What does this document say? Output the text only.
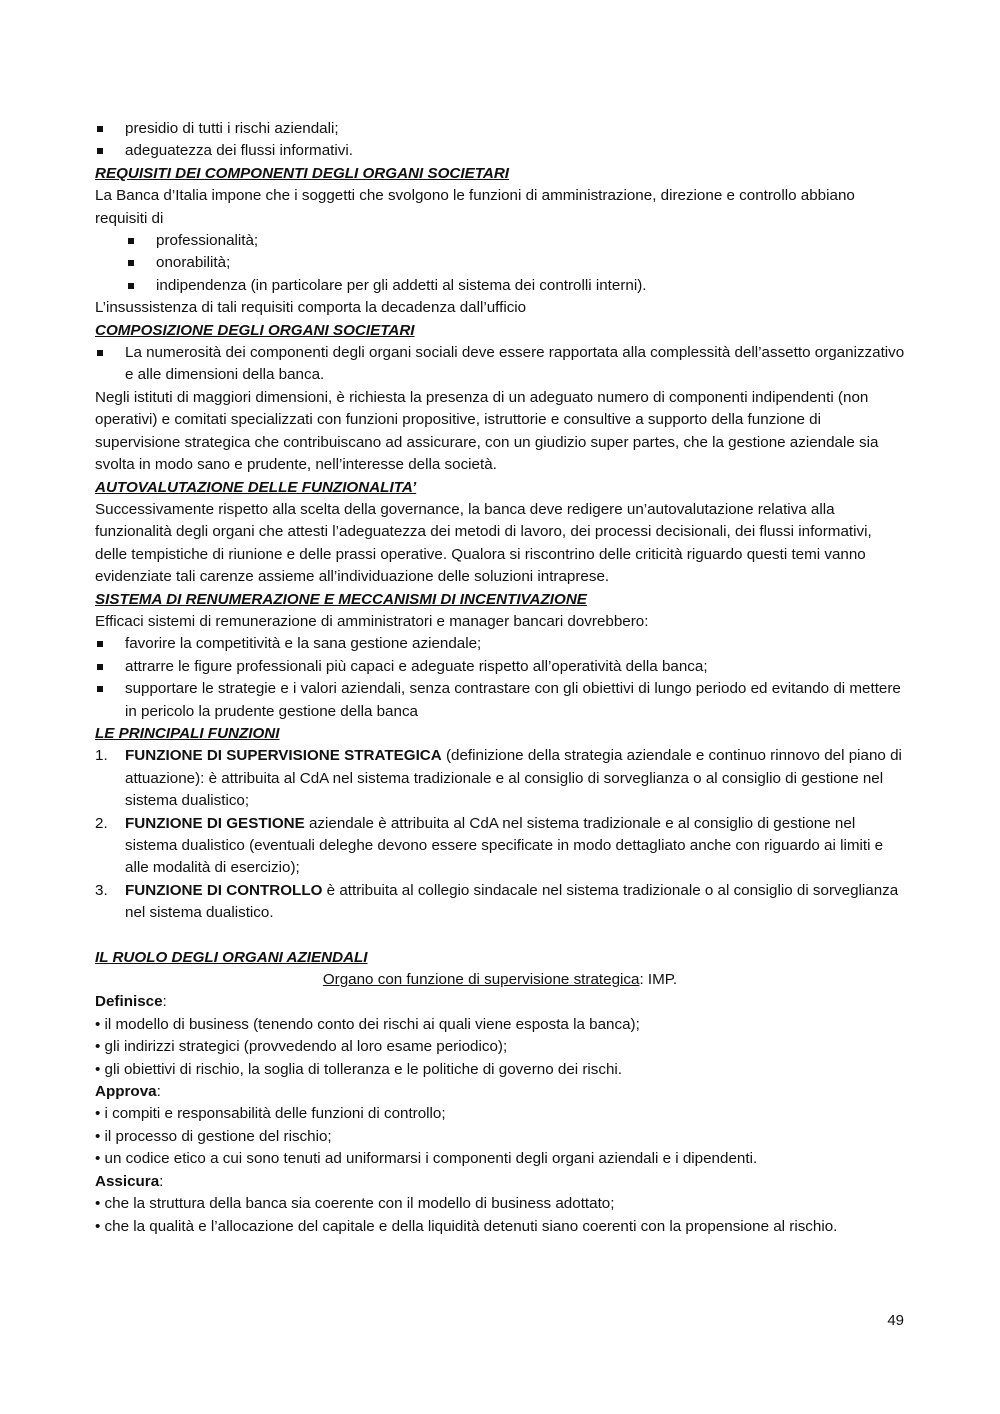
presidio di tutti i rischi aziendali;
adeguatezza dei flussi informativi.
REQUISITI DEI COMPONENTI DEGLI ORGANI SOCIETARI
La Banca d’Italia impone che i soggetti che svolgono le funzioni di amministrazione, direzione e controllo abbiano requisiti di
professionalità;
onorabilità;
indipendenza (in particolare per gli addetti al sistema dei controlli interni).
L’insussistenza di tali requisiti comporta la decadenza dall’ufficio
COMPOSIZIONE DEGLI ORGANI SOCIETARI
La numerosità dei componenti degli organi sociali deve essere rapportata alla complessità dell’assetto organizzativo e alle dimensioni della banca.
Negli istituti di maggiori dimensioni, è richiesta la presenza di un adeguato numero di componenti indipendenti (non operativi) e comitati specializzati con funzioni propositive, istruttorie e consultive a supporto della funzione di supervisione strategica che contribuiscano ad assicurare, con un giudizio super partes, che la gestione aziendale sia svolta in modo sano e prudente, nell’interesse della società.
AUTOVALUTAZIONE DELLE FUNZIONALITA’
Successivamente rispetto alla scelta della governance, la banca deve redigere un’autovalutazione relativa alla funzionalità degli organi che attesti l’adeguatezza dei metodi di lavoro, dei processi decisionali, dei flussi informativi, delle tempistiche di riunione e delle prassi operative. Qualora si riscontrino delle criticità riguardo questi temi vanno evidenziate tali carenze assieme all’individuazione delle soluzioni intraprese.
SISTEMA DI RENUMERAZIONE E MECCANISMI DI INCENTIVAZIONE
Efficaci sistemi di remunerazione di amministratori e manager bancari dovrebbero:
favorire la competitività e la sana gestione aziendale;
attrarre le figure professionali più capaci e adeguate rispetto all’operatività della banca;
supportare le strategie e i valori aziendali, senza contrastare con gli obiettivi di lungo periodo ed evitando di mettere in pericolo la prudente gestione della banca
LE PRINCIPALI FUNZIONI
1. FUNZIONE DI SUPERVISIONE STRATEGICA (definizione della strategia aziendale e continuo rinnovo del piano di attuazione): è attribuita al CdA nel sistema tradizionale e al consiglio di sorveglianza o al consiglio di gestione nel sistema dualistico;
2. FUNZIONE DI GESTIONE aziendale è attribuita al CdA nel sistema tradizionale e al consiglio di gestione nel sistema dualistico (eventuali deleghe devono essere specificate in modo dettagliato anche con riguardo ai limiti e alle modalità di esercizio);
3. FUNZIONE DI CONTROLLO è attribuita al collegio sindacale nel sistema tradizionale o al consiglio di sorveglianza nel sistema dualistico.
IL RUOLO DEGLI ORGANI AZIENDALI
Organo con funzione di supervisione strategica: IMP.
Definisce:
• il modello di business (tenendo conto dei rischi ai quali viene esposta la banca);
• gli indirizzi strategici (provvedendo al loro esame periodico);
• gli obiettivi di rischio, la soglia di tolleranza e le politiche di governo dei rischi.
Approva:
• i compiti e responsabilità delle funzioni di controllo;
• il processo di gestione del rischio;
• un codice etico a cui sono tenuti ad uniformarsi i componenti degli organi aziendali e i dipendenti.
Assicura:
• che la struttura della banca sia coerente con il modello di business adottato;
• che la qualità e l’allocazione del capitale e della liquidità detenuti siano coerenti con la propensione al rischio.
49
